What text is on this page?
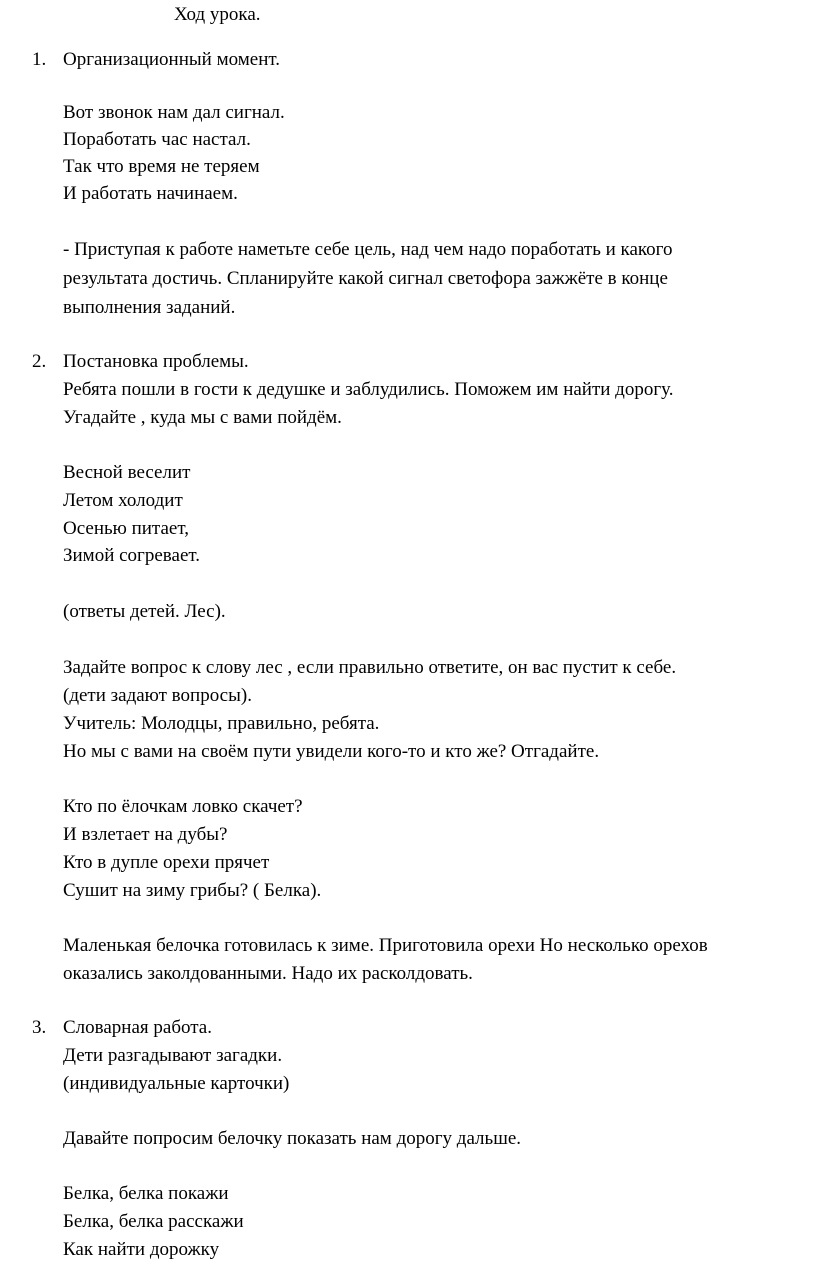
Ход урока.
1. Организационный момент.
Вот звонок нам дал сигнал.
Поработать час настал.
Так что время не теряем
И работать начинаем.
- Приступая к работе наметьте себе цель, над чем надо поработать и какого
результата достичь. Спланируйте какой сигнал светофора зажжёте в конце
выполнения заданий.
2. Постановка проблемы.
Ребята пошли в гости к дедушке и заблудились. Поможем им найти дорогу.
Угадайте , куда мы с вами пойдём.
Весной веселит
Летом холодит
Осенью питает,
Зимой согревает.
(ответы детей. Лес).
Задайте вопрос к слову лес , если правильно ответите, он вас пустит к себе.
(дети задают вопросы).
Учитель: Молодцы, правильно, ребята.
Но мы с вами на своём пути увидели кого-то и кто же? Отгадайте.
Кто по ёлочкам ловко скачет?
И взлетает на дубы?
Кто в дупле орехи прячет
Сушит на зиму грибы? ( Белка).
Маленькая белочка готовилась к зиме. Приготовила орехи Но несколько орехов
оказались заколдованными. Надо их расколдовать.
3. Словарная работа.
Дети разгадывают загадки.
(индивидуальные карточки)
Давайте попросим белочку показать нам дорогу дальше.
Белка, белка покажи
Белка, белка расскажи
Как найти дорожку
